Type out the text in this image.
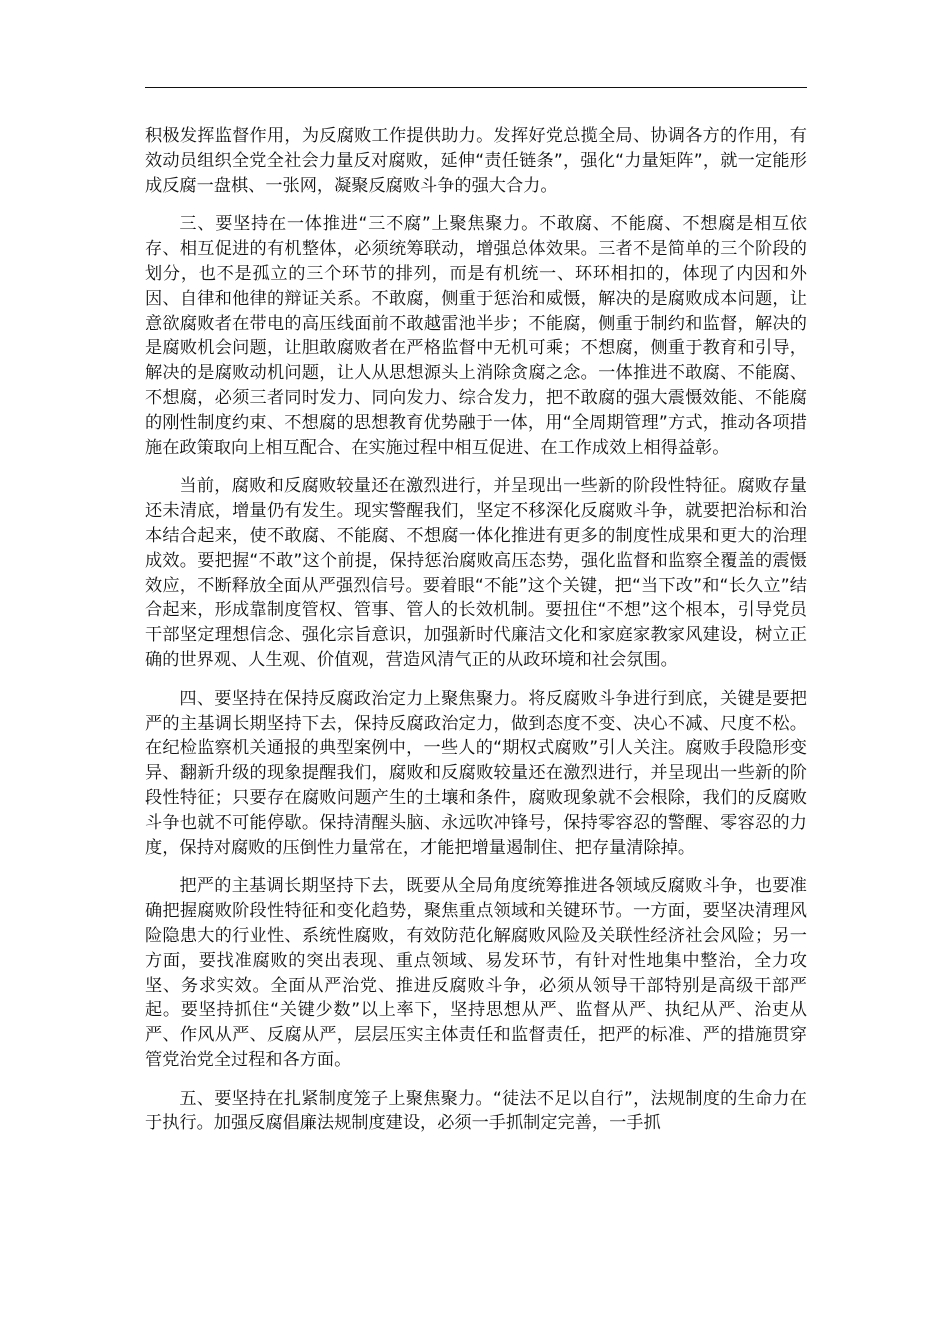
积极发挥监督作用，为反腐败工作提供助力。发挥好党总揽全局、协调各方的作用，有效动员组织全党全社会力量反对腐败，延伸“责任链条”，强化“力量矩阵”，就一定能形成反腐一盘棋、一张网，凝聚反腐败斗争的强大合力。

三、要坚持在一体推进“三不腐”上聚焦聚力。不敢腐、不能腐、不想腐是相互依存、相互促进的有机整体，必须统筹联动，增强总体效果。三者不是简单的三个阶段的划分，也不是孤立的三个环节的排列，而是有机统一、环环相扣的，体现了内因和外因、自律和他律的辩证关系。不敢腐，侧重于惩治和威慑，解决的是腐败成本问题，让意欲腐败者在带电的高压线面前不敢越雷池半步；不能腐，侧重于制约和监督，解决的是腐败机会问题，让胆敢腐败者在严格监督中无机可乘；不想腐，侧重于教育和引导，解决的是腐败动机问题，让人从思想源头上消除贪腐之念。一体推进不敢腐、不能腐、不想腐，必须三者同时发力、同向发力、综合发力，把不敢腐的强大震慑效能、不能腐的刚性制度约束、不想腐的思想教育优势融于一体，用“全周期管理”方式，推动各项措施在政策取向上相互配合、在实施过程中相互促进、在工作成效上相得益彰。

当前，腐败和反腐败较量还在激烈进行，并呈现出一些新的阶段性特征。腐败存量还未清底，增量仍有发生。现实警醒我们，坚定不移深化反腐败斗争，就要把治标和治本结合起来，使不敢腐、不能腐、不想腐一体化推进有更多的制度性成果和更大的治理成效。要把握“不敢”这个前提，保持惩治腐败高压态势，强化监督和监察全覆盖的震慑效应，不断释放全面从严强烈信号。要着眼“不能”这个关键，把“当下改”和“长久立”结合起来，形成靠制度管权、管事、管人的长效机制。要扭住“不想”这个根本，引导党员干部坚定理想信念、强化宗旨意识，加强新时代廉洁文化和家庭家教家风建设，树立正确的世界观、人生观、价值观，营造风清气正的从政环境和社会氛围。

四、要坚持在保持反腐政治定力上聚焦聚力。将反腐败斗争进行到底，关键是要把严的主基调长期坚持下去，保持反腐政治定力，做到态度不变、决心不减、尺度不松。在纪检监察机关通报的典型案例中，一些人的“期权式腐败”引人关注。腐败手段隐形变异、翻新升级的现象提醒我们，腐败和反腐败较量还在激烈进行，并呈现出一些新的阶段性特征；只要存在腐败问题产生的土壤和条件，腐败现象就不会根除，我们的反腐败斗争也就不可能停歇。保持清醒头脑、永远吹冲锋号，保持零容忍的警醒、零容忍的力度，保持对腐败的压倒性力量常在，才能把增量遏制住、把存量清除掉。

把严的主基调长期坚持下去，既要从全局角度统筹推进各领域反腐败斗争，也要准确把握腐败阶段性特征和变化趋势，聚焦重点领域和关键环节。一方面，要坚决清理风险隐患大的行业性、系统性腐败，有效防范化解腐败风险及关联性经济社会风险；另一方面，要找准腐败的突出表现、重点领域、易发环节，有针对性地集中整治，全力攻坚、务求实效。全面从严治党、推进反腐败斗争，必须从领导干部特别是高级干部严起。要坚持抓住“关键少数”以上率下，坚持思想从严、监督从严、执纪从严、治吏从严、作风从严、反腐从严，层层压实主体责任和监督责任，把严的标准、严的措施贯穿管党治党全过程和各方面。

五、要坚持在扎紧制度笼子上聚焦聚力。“徒法不足以自行”，法规制度的生命力在于执行。加强反腐倡廉法规制度建设，必须一手抓制定完善，一手抓
